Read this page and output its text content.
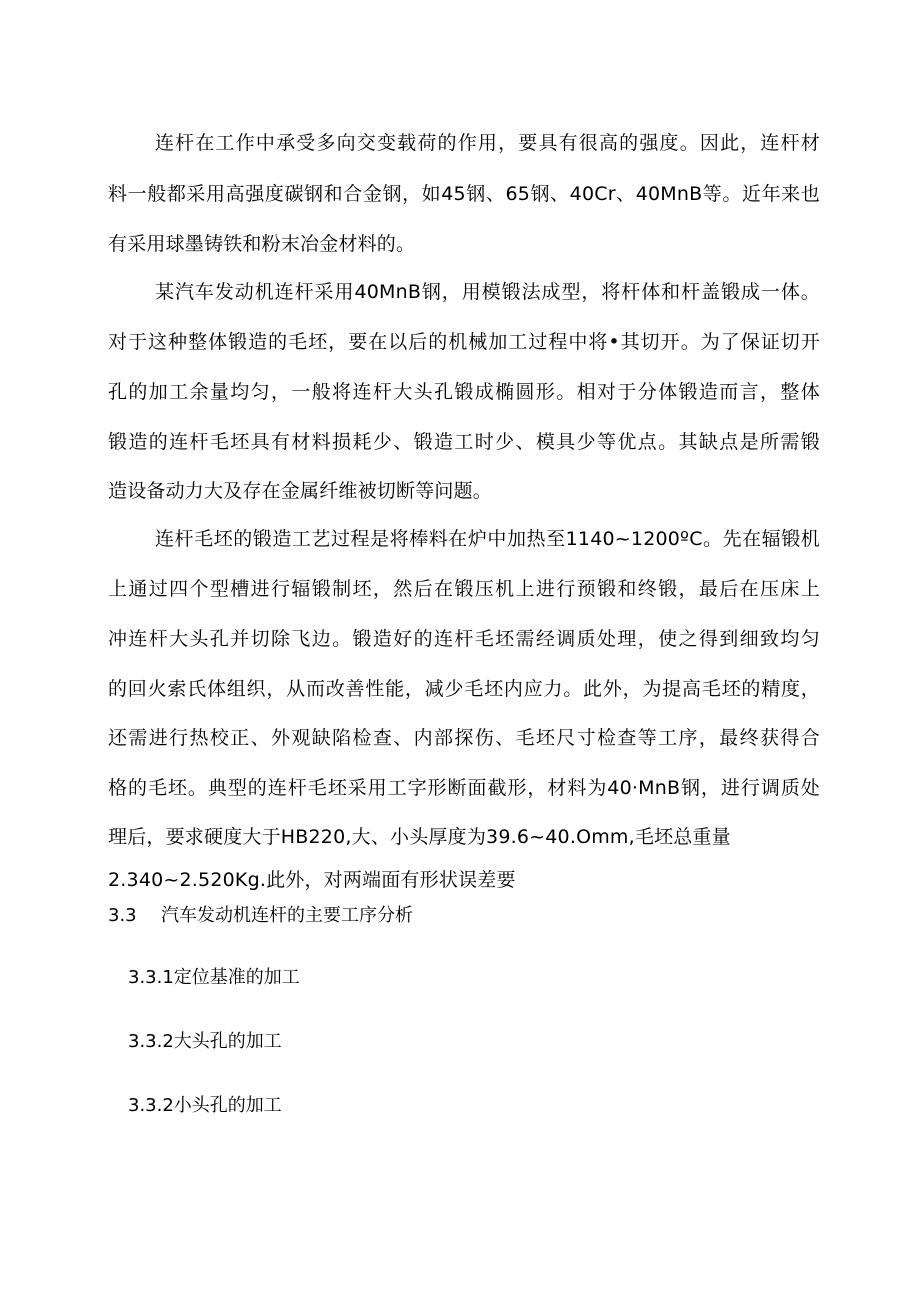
连杆在工作中承受多向交变载荷的作用，要具有很高的强度。因此，连杆材
料一般都采用高强度碳钢和合金钢，如45钢、65钢、40Cr、40MnB等。近年来也
有采用球墨铸铁和粉末冶金材料的。
某汽车发动机连杆采用40MnB钢，用模锻法成型，将杆体和杆盖锻成一体。
对于这种整体锻造的毛坯，要在以后的机械加工过程中将•其切开。为了保证切开
孔的加工余量均匀，一般将连杆大头孔锻成椭圆形。相对于分体锻造而言，整体
锻造的连杆毛坯具有材料损耗少、锻造工时少、模具少等优点。其缺点是所需锻
造设备动力大及存在金属纤维被切断等问题。
连杆毛坯的锻造工艺过程是将棒料在炉中加热至1140~1200ºC。先在辐锻机
上通过四个型槽进行辐锻制坯，然后在锻压机上进行预锻和终锻，最后在压床上
冲连杆大头孔并切除飞边。锻造好的连杆毛坯需经调质处理，使之得到细致均匀
的回火索氏体组织，从而改善性能，减少毛坯内应力。此外，为提高毛坯的精度，
还需进行热校正、外观缺陷检查、内部探伤、毛坯尺寸检查等工序，最终获得合
格的毛坯。典型的连杆毛坯采用工字形断面截形，材料为40·MnB钢，进行调质处
理后，要求硬度大于HB220,大、小头厚度为39.6~40.Omm,毛坯总重量
2.340~2.520Kg.此外，对两端面有形状误差要
3.3 汽车发动机连杆的主要工序分析
3.3.1定位基准的加工
3.3.2大头孔的加工
3.3.2小头孔的加工
